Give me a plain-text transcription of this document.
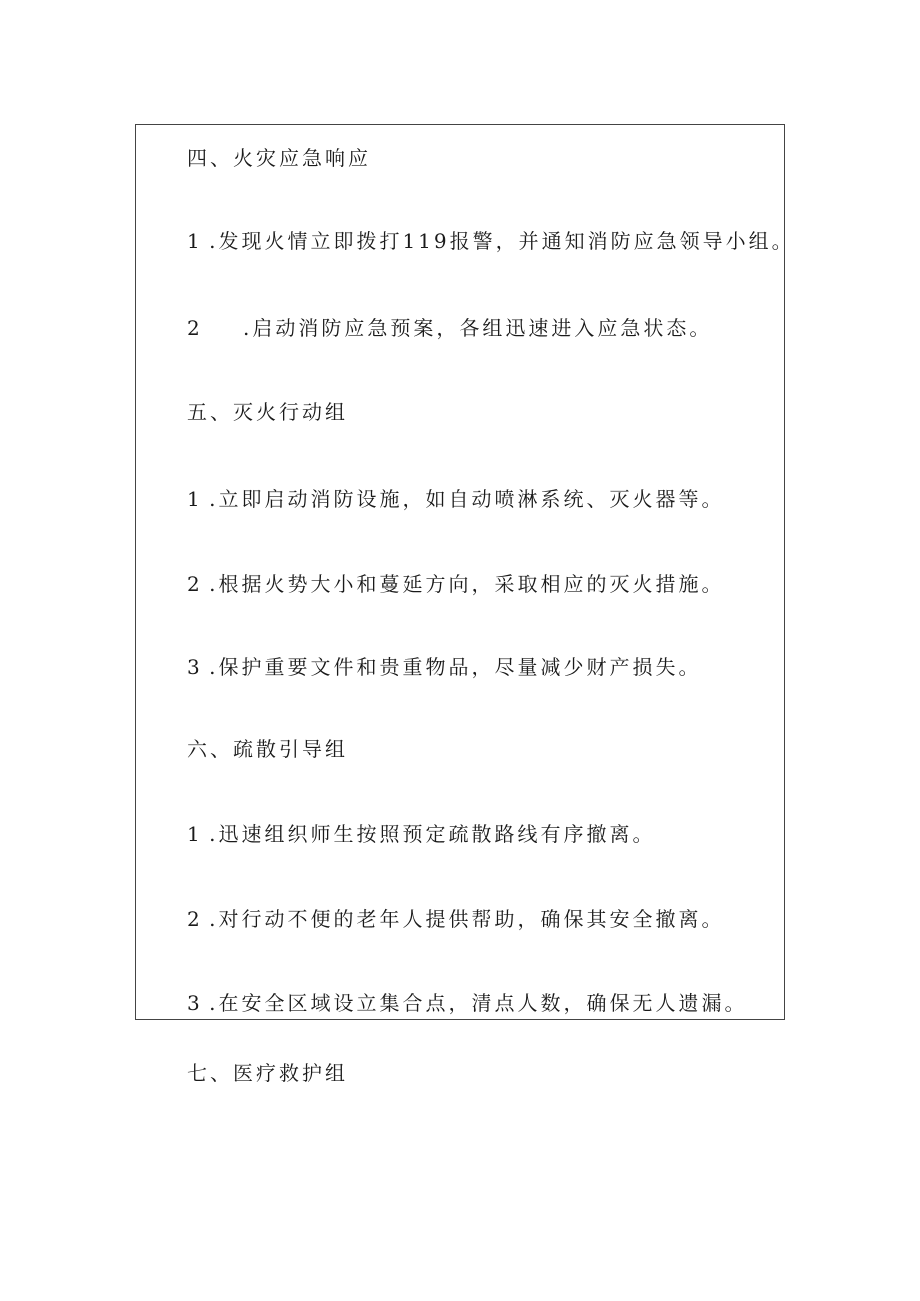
四、火灾应急响应
1 .发现火情立即拨打119报警，并通知消防应急领导小组。
2 .启动消防应急预案，各组迅速进入应急状态。
五、灭火行动组
1 .立即启动消防设施，如自动喷淋系统、灭火器等。
2 .根据火势大小和蔓延方向，采取相应的灭火措施。
3 .保护重要文件和贵重物品，尽量减少财产损失。
六、疏散引导组
1 .迅速组织师生按照预定疏散路线有序撤离。
2 .对行动不便的老年人提供帮助，确保其安全撤离。
3 .在安全区域设立集合点，清点人数，确保无人遗漏。
七、医疗救护组
